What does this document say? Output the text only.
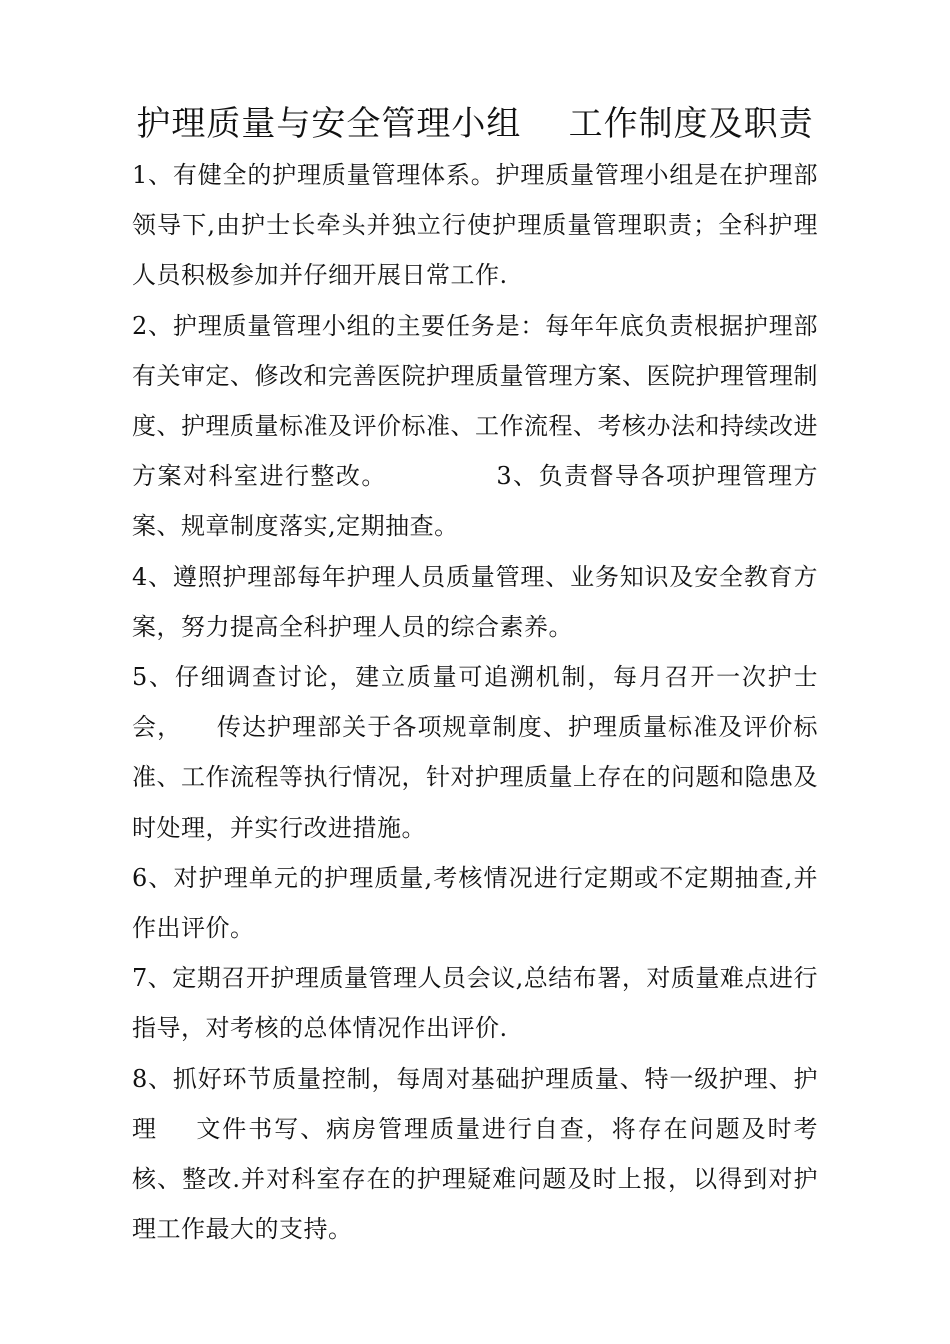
护理质量与安全管理小组    工作制度及职责

1、有健全的护理质量管理体系。护理质量管理小组是在护理部领导下,由护士长牵头并独立行使护理质量管理职责；全科护理人员积极参加并仔细开展日常工作.

2、护理质量管理小组的主要任务是：每年年底负责根据护理部有关审定、修改和完善医院护理质量管理方案、医院护理管理制度、护理质量标准及评价标准、工作流程、考核办法和持续改进方案对科室进行整改。            3、负责督导各项护理管理方案、规章制度落实,定期抽查。

4、遵照护理部每年护理人员质量管理、业务知识及安全教育方案，努力提高全科护理人员的综合素养。

5、仔细调查讨论，建立质量可追溯机制，每月召开一次护士会，    传达护理部关于各项规章制度、护理质量标准及评价标准、工作流程等执行情况，针对护理质量上存在的问题和隐患及时处理，并实行改进措施。

6、对护理单元的护理质量,考核情况进行定期或不定期抽查,并作出评价。

7、定期召开护理质量管理人员会议,总结布署，对质量难点进行指导，对考核的总体情况作出评价.

8、抓好环节质量控制，每周对基础护理质量、特一级护理、护理    文件书写、病房管理质量进行自查，将存在问题及时考核、整改.并对科室存在的护理疑难问题及时上报，以得到对护理工作最大的支持。
